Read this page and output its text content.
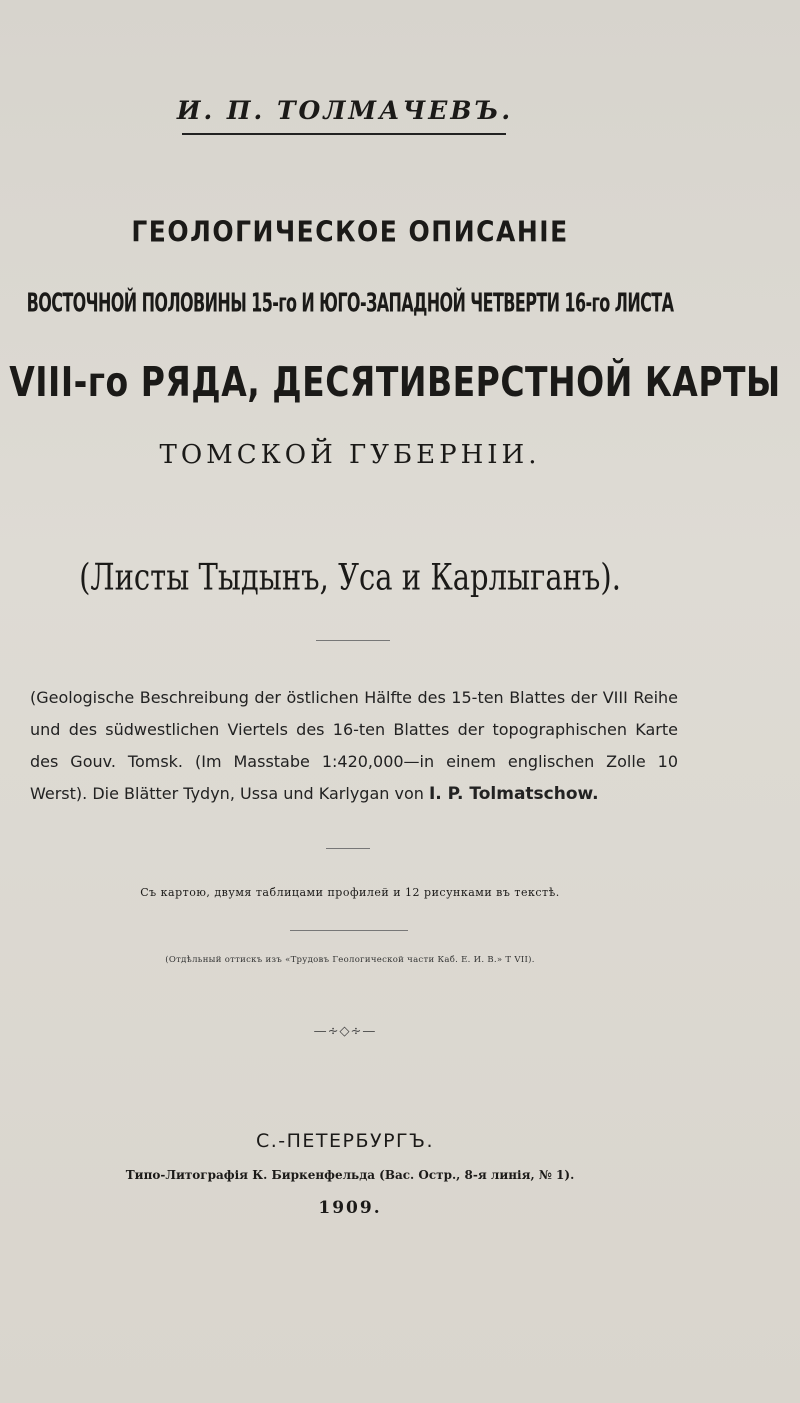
И. П. ТОЛМАЧЕВЪ.
ГЕОЛОГИЧЕСКОЕ ОПИСАНІЕ
ВОСТОЧНОЙ ПОЛОВИНЫ 15-го И ЮГО-ЗАПАДНОЙ ЧЕТВЕРТИ 16-го ЛИСТА
VIII-го РЯДА, ДЕСЯТИВЕРСТНОЙ КАРТЫ
ТОМСКОЙ ГУБЕРНІИ.
(Листы Тыдынъ, Уса и Карлыганъ).
(Geologische Beschreibung der östlichen Hälfte des 15-ten Blattes der VIII Reihe und des südwestlichen Viertels des 16-ten Blattes der topographischen Karte des Gouv. Tomsk. (Im Masstabe 1:420,000—in einem englischen Zolle 10 Werst). Die Blätter Tydyn, Ussa und Karlygan von I. P. Tolmatschow.
Съ картою, двумя таблицами профилей и 12 рисунками въ текстѣ.
(Отдѣльный оттискъ изъ «Трудовъ Геологической части Каб. Е. И. В.» Т VII).
—∻◇∻—
С.-ПЕТЕРБУРГЪ.
Типо-Литографія К. Биркенфельда (Вас. Остр., 8-я линія, № 1).
1909.
